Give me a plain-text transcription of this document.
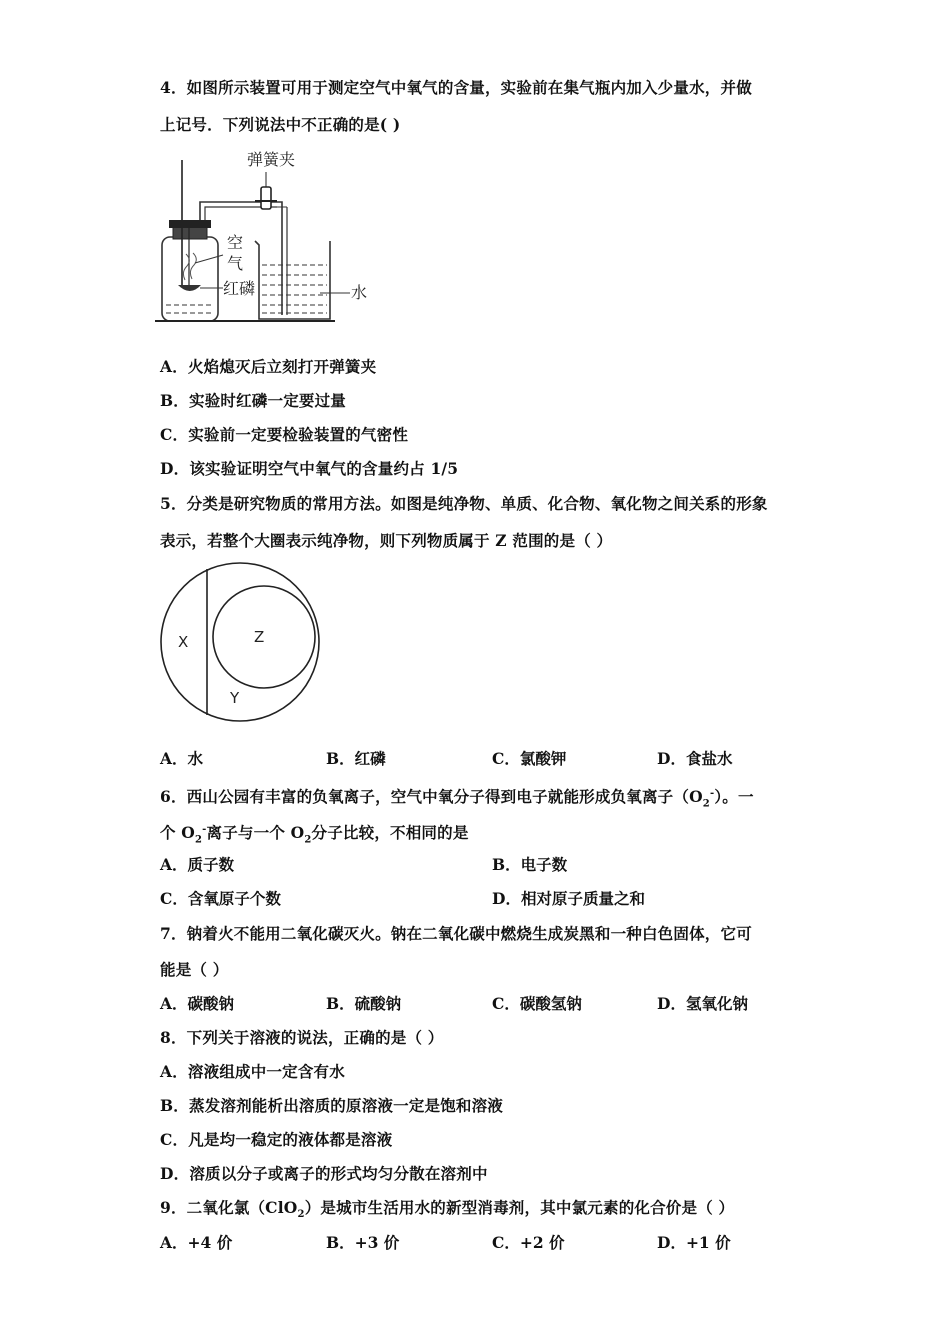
4．如图所示装置可用于测定空气中氧气的含量，实验前在集气瓶内加入少量水，并做
上记号．下列说法中不正确的是( )
弹簧夹
空
气
红磷	水
A．火焰熄灭后立刻打开弹簧夹
B．实验时红磷一定要过量
C．实验前一定要检验装置的气密性
D．该实验证明空气中氧气的含量约占 1/5
5．分类是研究物质的常用方法。如图是纯净物、单质、化合物、氧化物之间关系的形象
表示，若整个大圈表示纯净物，则下列物质属于 Z 范围的是（ ）
X	Z
Y
A．水	B．红磷	C．氯酸钾	D．食盐水
6．西山公园有丰富的负氧离子，空气中氧分子得到电子就能形成负氧离子$(O_2^-)$。一
个 $O_2^-$离子与一个 $O_2$分子比较，不相同的是
A．质子数	B．电子数
C．含氧原子个数	D．相对原子质量之和
7．钠着火不能用二氧化碳灭火。钠在二氧化碳中燃烧生成炭黑和一种白色固体，它可
能是（ ）
A．碳酸钠	B．硫酸钠	C．碳酸氢钠	D．氢氧化钠
8．下列关于溶液的说法，正确的是（ ）
A．溶液组成中一定含有水
B．蒸发溶剂能析出溶质的原溶液一定是饱和溶液
C．凡是均一稳定的液体都是溶液
D．溶质以分子或离子的形式均匀分散在溶剂中
9．二氧化氯（ClO$_2$）是城市生活用水的新型消毒剂，其中氯元素的化合价是（ ）
A．+4 价	B．+3 价	C．+2 价	D．+1 价
